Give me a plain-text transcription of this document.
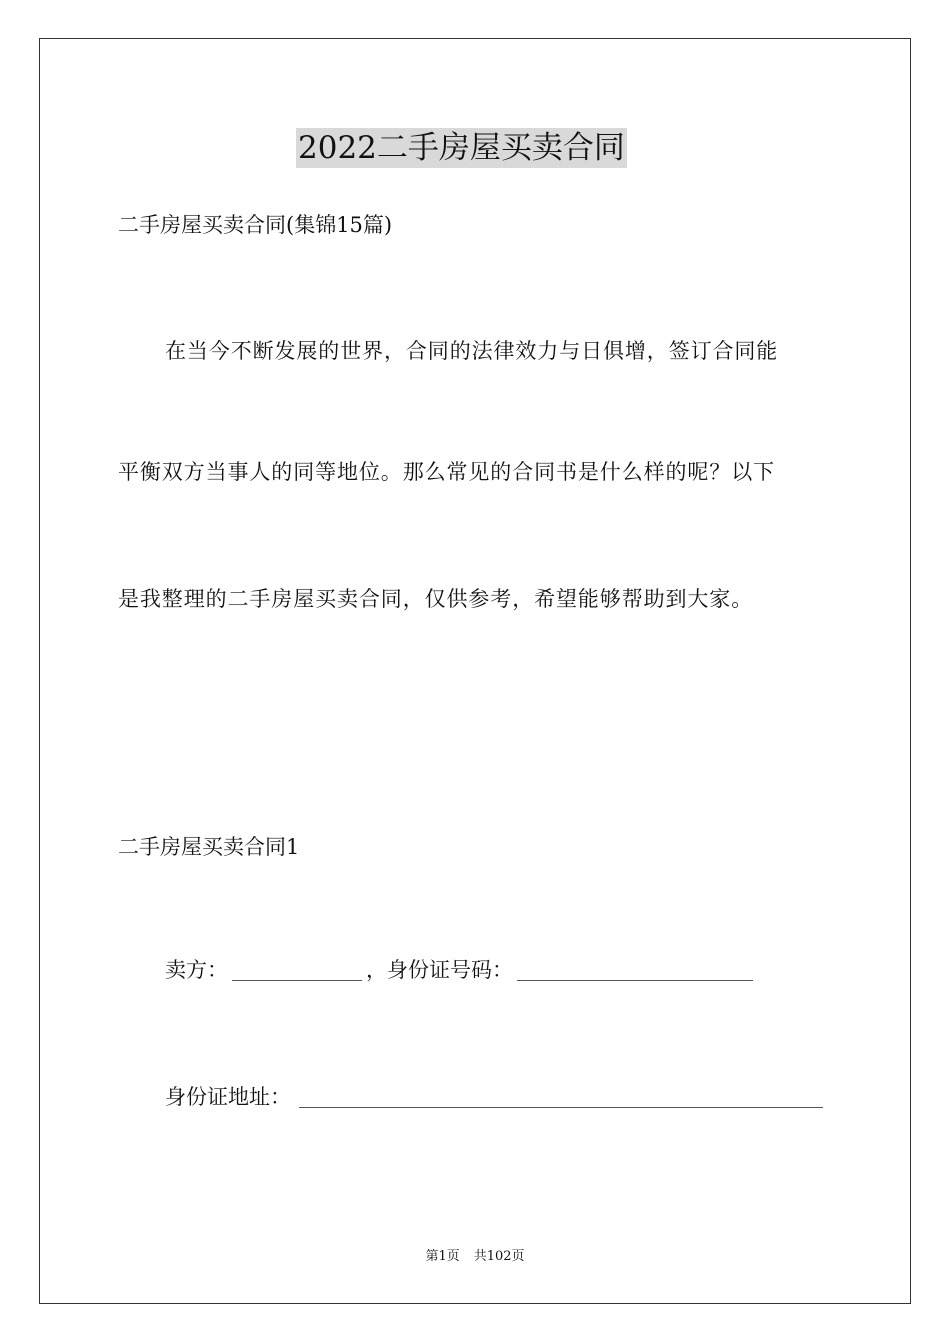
2022二手房屋买卖合同
二手房屋买卖合同(集锦15篇)
在当今不断发展的世界，合同的法律效力与日俱增，签订合同能
平衡双方当事人的同等地位。那么常见的合同书是什么样的呢？以下
是我整理的二手房屋买卖合同，仅供参考，希望能够帮助到大家。
二手房屋买卖合同1
卖方：	， 身份证号码：
身份证地址：
第1页 共102页
